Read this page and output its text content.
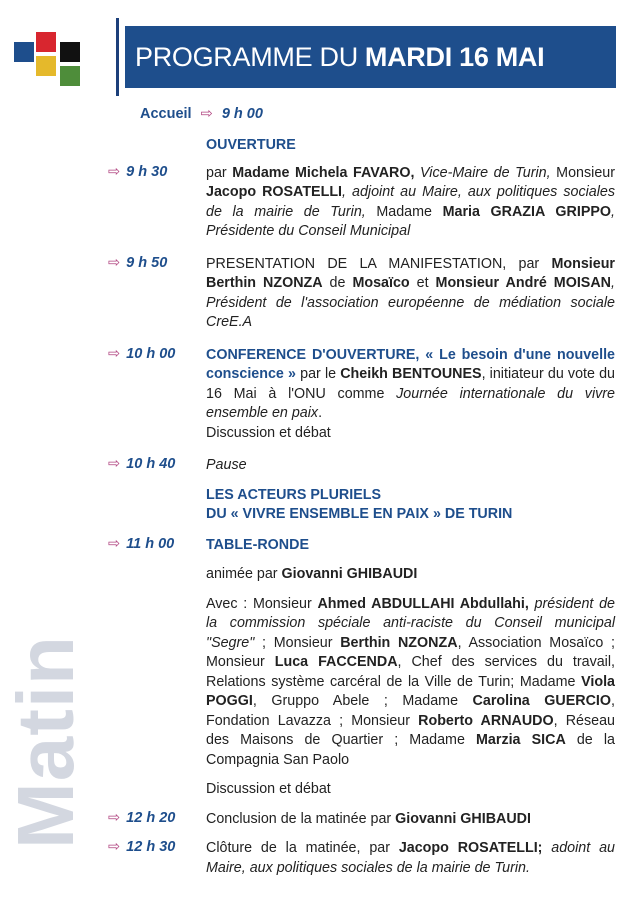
PROGRAMME DU MARDI 16 MAI
Accueil ⇨ 9 h 00
OUVERTURE
⇨ 9 h 30	par Madame Michela FAVARO, Vice-Maire de Turin, Monsieur Jacopo ROSATELLI, adjoint au Maire, aux politiques sociales de la mairie de Turin, Madame Maria GRAZIA GRIPPO, Présidente du Conseil Municipal
⇨ 9 h 50	PRESENTATION DE LA MANIFESTATION, par Monsieur Berthin NZONZA de Mosaïco et Monsieur André MOISAN, Président de l'association européenne de médiation sociale CreE.A
⇨ 10 h 00	CONFERENCE D'OUVERTURE, « Le besoin d'une nouvelle conscience » par le Cheikh BENTOUNES, initiateur du vote du 16 Mai à l'ONU comme Journée internationale du vivre ensemble en paix.
Discussion et débat
⇨ 10 h 40	Pause
LES ACTEURS PLURIELS
DU « VIVRE ENSEMBLE EN PAIX » DE TURIN
⇨ 11 h 00	TABLE-RONDE
animée par Giovanni GHIBAUDI
Avec : Monsieur Ahmed ABDULLAHI Abdullahi, président de la commission spéciale anti-raciste du Conseil municipal "Segre" ; Monsieur Berthin NZONZA, Association Mosaïco ; Monsieur Luca FACCENDA, Chef des services du travail, Relations système carcéral de la Ville de Turin; Madame Viola POGGI, Gruppo Abele ; Madame Carolina GUERCIO, Fondation Lavazza ; Monsieur Roberto ARNAUDO, Réseau des Maisons de Quartier ; Madame Marzia SICA de la Compagnia San Paolo
Discussion et débat
⇨ 12 h 20	Conclusion de la matinée par Giovanni GHIBAUDI
⇨ 12 h 30	Clôture de la matinée, par Jacopo ROSATELLI; adoint au Maire, aux politiques sociales de la mairie de Turin.
Matin
